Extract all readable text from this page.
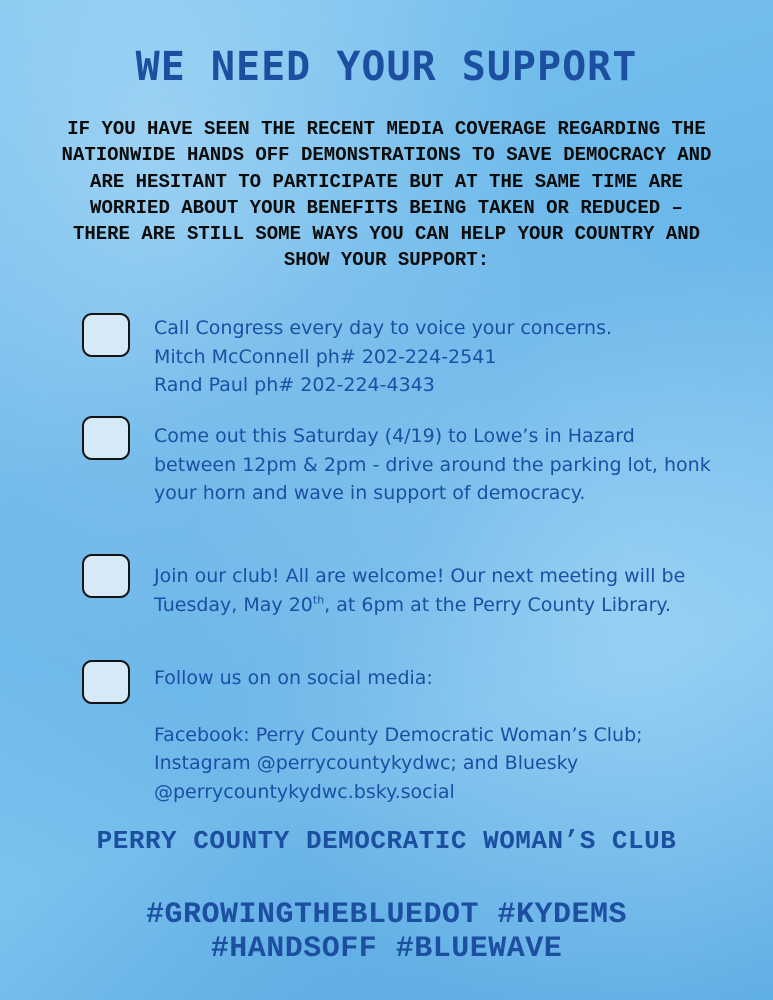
WE NEED YOUR SUPPORT
IF YOU HAVE SEEN THE RECENT MEDIA COVERAGE REGARDING THE NATIONWIDE HANDS OFF DEMONSTRATIONS TO SAVE DEMOCRACY AND ARE HESITANT TO PARTICIPATE BUT AT THE SAME TIME ARE WORRIED ABOUT YOUR BENEFITS BEING TAKEN OR REDUCED – THERE ARE STILL SOME WAYS YOU CAN HELP YOUR COUNTRY AND SHOW YOUR SUPPORT:
Call Congress every day to voice your concerns.
Mitch McConnell ph# 202-224-2541
Rand Paul ph# 202-224-4343
Come out this Saturday (4/19) to Lowe’s in Hazard between 12pm & 2pm - drive around the parking lot, honk your horn and wave in support of democracy.
Join our club! All are welcome! Our next meeting will be Tuesday, May 20th, at 6pm at the Perry County Library.
Follow us on on social media:
Facebook: Perry County Democratic Woman’s Club; Instagram @perrycountykydwc; and Bluesky @perrycountykydwc.bsky.social
PERRY COUNTY DEMOCRATIC WOMAN’S CLUB
#GROWINGTHEBLUEDOT #KYDEMS
#HANDSOFF #BLUEWAVE
